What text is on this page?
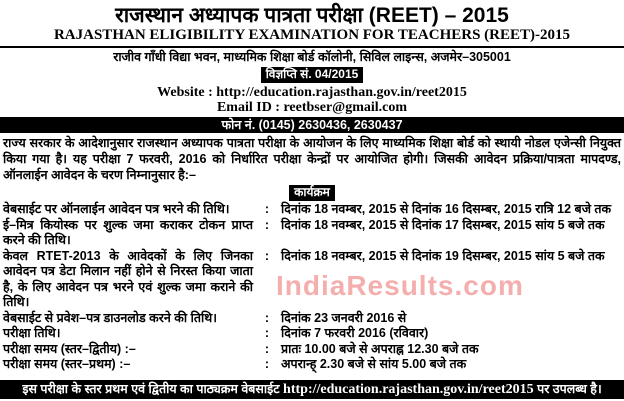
राजस्थान अध्यापक पात्रता परीक्षा (REET) – 2015
RAJASTHAN ELIGIBILITY EXAMINATION FOR TEACHERS (REET)-2015
राजीव गाँधी विद्या भवन, माध्यमिक शिक्षा बोर्ड कॉलोनी, सिविल लाइन्स, अजमेर–305001
विज्ञप्ति सं. 04/2015
Website : http://education.rajasthan.gov.in/reet2015
Email ID : reetbser@gmail.com
फोन नं. (0145) 2630436, 2630437
राज्य सरकार के आदेशानुसार राजस्थान अध्यापक पात्रता परीक्षा के आयोजन के लिए माध्यमिक शिक्षा बोर्ड को स्थायी नोडल एजेन्सी नियुक्त किया गया है। यह परीक्षा 7 फरवरी, 2016 को निर्धारित परीक्षा केन्द्रों पर आयोजित होगी। जिसकी आवेदन प्रक्रिया/पात्रता मापदण्ड, ऑनलाईन आवेदन के चरण निम्नानुसार है:–
कार्यक्रम
वेबसाईट पर ऑनलाईन आवेदन पत्र भरने की तिथि।	: दिनांक 18 नवम्बर, 2015 से दिनांक 16 दिसम्बर, 2015 रात्रि 12 बजे तक
ई–मित्र कियोस्क पर शुल्क जमा कराकर टोकन प्राप्त करने की तिथि।
: दिनांक 18 नवम्बर, 2015 से दिनांक 17 दिसम्बर, 2015 सांय 5 बजे तक
केवल RTET-2013 के आवेदकों के लिए जिनका आवेदन पत्र डेटा मिलान नहीं होने से निरस्त किया जाता है, के लिए आवेदन पत्र भरने एवं शुल्क जमा कराने की तिथि।
: दिनांक 18 नवम्बर, 2015 से दिनांक 19 दिसम्बर, 2015 सांय 5 बजे तक
वेबसाईट से प्रवेश–पत्र डाउनलोड करने की तिथि।	: दिनांक 23 जनवरी 2016 से
परीक्षा तिथि।	: दिनांक 7 फरवरी 2016 (रविवार)
परीक्षा समय (स्तर–द्वितीय) :–	: प्रातः 10.00 बजे से अपराह्न 12.30 बजे तक
परीक्षा समय (स्तर–प्रथम) :–	: अपरान्ह् 2.30 बजे से सांय 5.00 बजे तक
IndiaResults.com
इस परीक्षा के स्तर प्रथम एवं द्वितीय का पाठ्यक्रम वेबसाईट http://education.rajasthan.gov.in/reet2015 पर उपलब्ध है।
